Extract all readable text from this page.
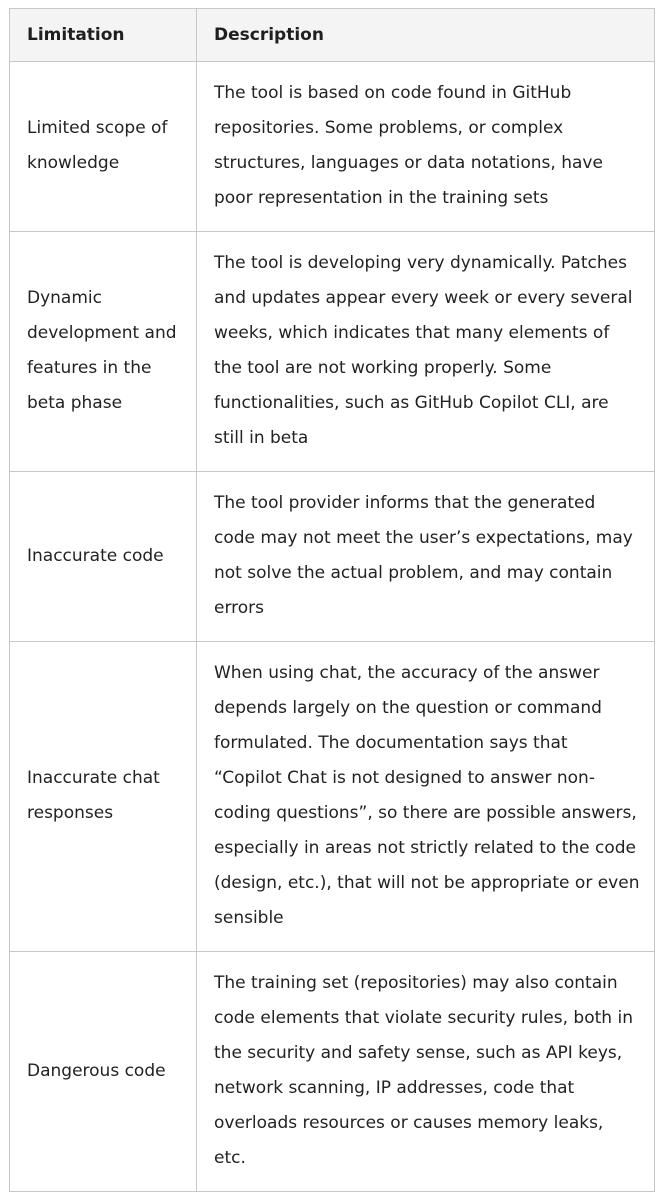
Limitation	Description

Limited scope of knowledge	The tool is based on code found in GitHub repositories. Some problems, or complex structures, languages or data notations, have poor representation in the training sets

Dynamic development and features in the beta phase	The tool is developing very dynamically. Patches and updates appear every week or every several weeks, which indicates that many elements of the tool are not working properly. Some functionalities, such as GitHub Copilot CLI, are still in beta

Inaccurate code	The tool provider informs that the generated code may not meet the user’s expectations, may not solve the actual problem, and may contain errors

Inaccurate chat responses	When using chat, the accuracy of the answer depends largely on the question or command formulated. The documentation says that “Copilot Chat is not designed to answer non-coding questions”, so there are possible answers, especially in areas not strictly related to the code (design, etc.), that will not be appropriate or even sensible

Dangerous code	The training set (repositories) may also contain code elements that violate security rules, both in the security and safety sense, such as API keys, network scanning, IP addresses, code that overloads resources or causes memory leaks, etc.
